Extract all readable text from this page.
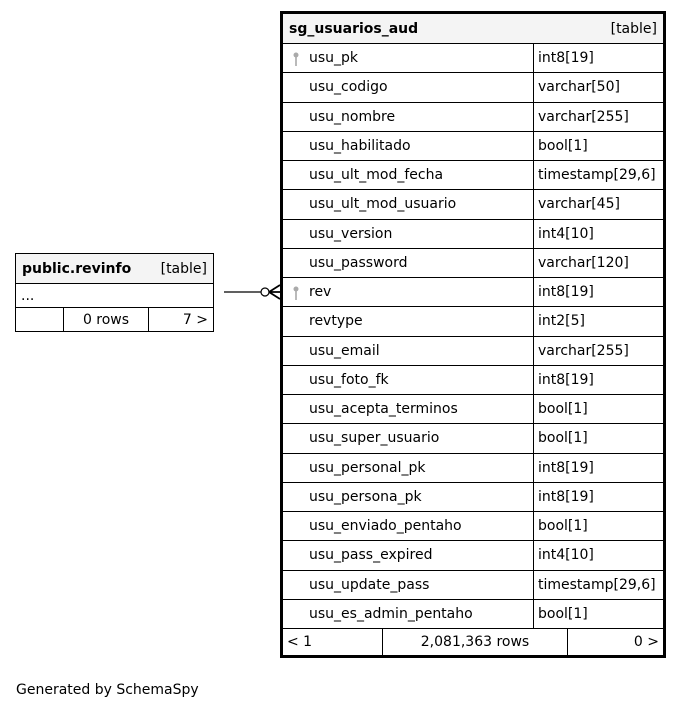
sg_usuarios_aud	[table]
usu_pk	int8[19]
usu_codigo	varchar[50]
usu_nombre	varchar[255]
usu_habilitado	bool[1]
usu_ult_mod_fecha	timestamp[29,6]
usu_ult_mod_usuario	varchar[45]
usu_version	int4[10]
usu_password	varchar[120]
rev	int8[19]
revtype	int2[5]
usu_email	varchar[255]
usu_foto_fk	int8[19]
usu_acepta_terminos	bool[1]
usu_super_usuario	bool[1]
usu_personal_pk	int8[19]
usu_persona_pk	int8[19]
usu_enviado_pentaho	bool[1]
usu_pass_expired	int4[10]
usu_update_pass	timestamp[29,6]
usu_es_admin_pentaho	bool[1]
< 1	2,081,363 rows	0 >
public.revinfo [table]
...
0 rows	7 >
Generated by SchemaSpy
